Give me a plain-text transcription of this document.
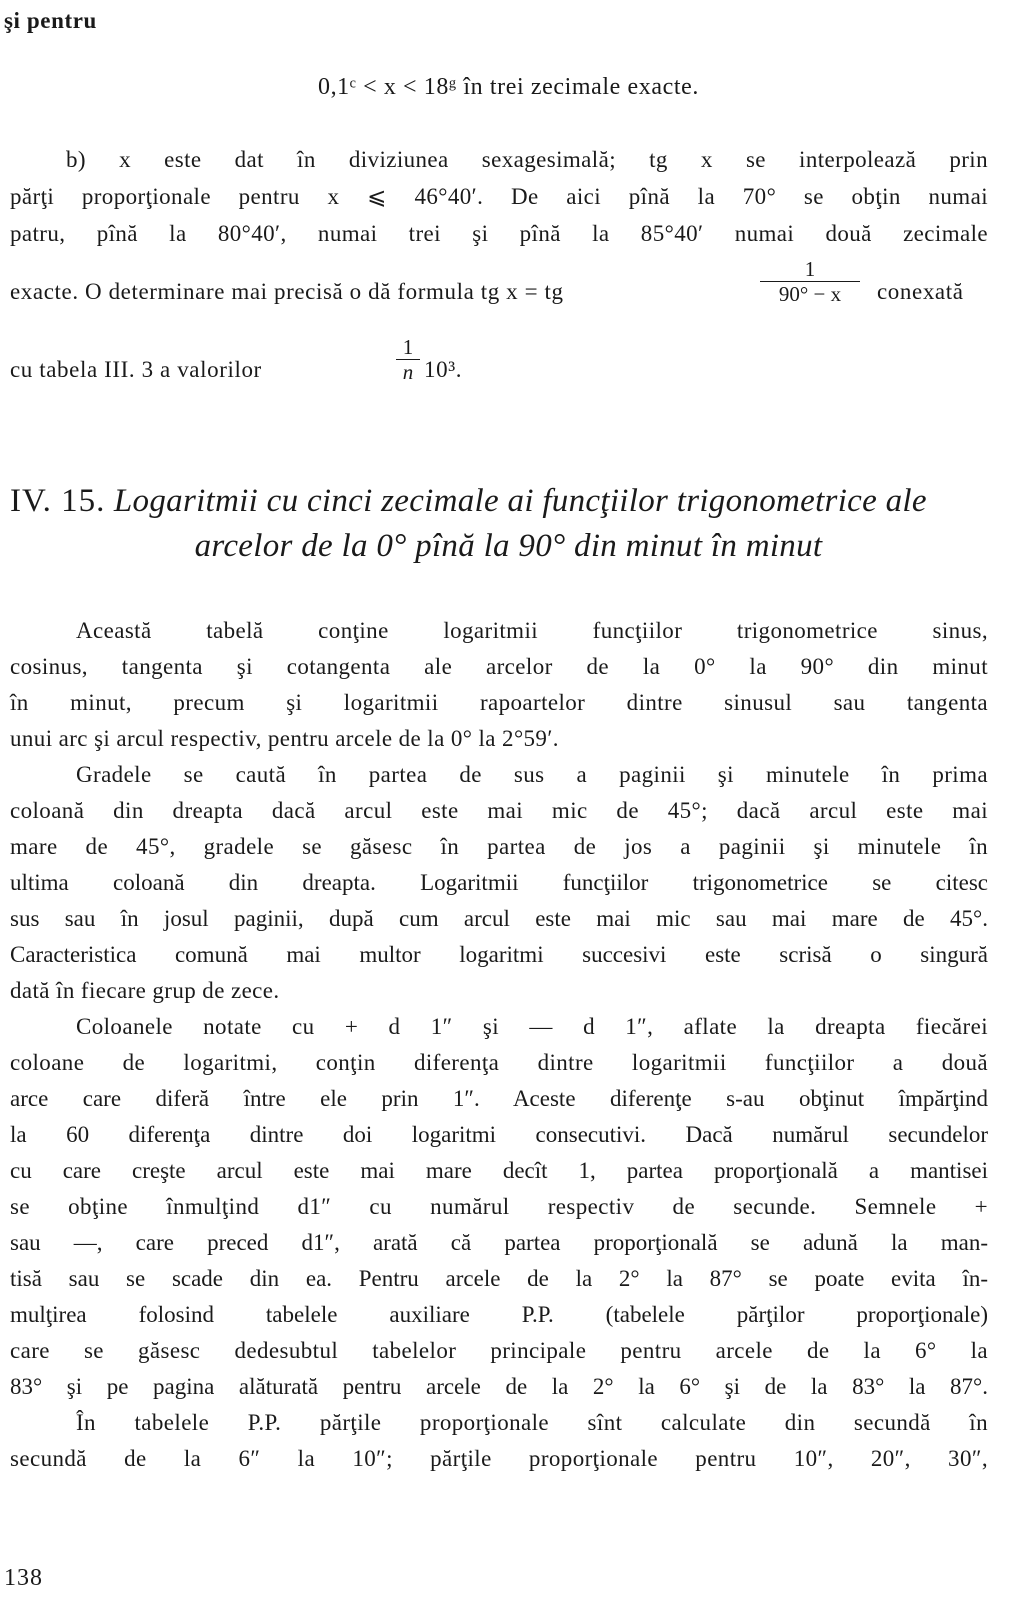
şi pentru
0,1ᶜ < x < 18ᵍ în trei zecimale exacte.
b) x este dat în diviziunea sexagesimală; tg x se interpolează prin
părţi proporţionale pentru x ⩽ 46°40′. De aici pînă la 70° se obţin numai
patru, pînă la 80°40′, numai trei şi pînă la 85°40′ numai două zecimale
exacte. O determinare mai precisă o dă formula tg x = tg
1
90° − x	conexată
cu tabela III. 3 a valorilor
1
n 10³.
IV. 15. Logaritmii cu cinci zecimale ai funcţiilor trigonometrice ale
arcelor de la 0° pînă la 90° din minut în minut
Această tabelă conţine logaritmii funcţiilor trigonometrice sinus,
cosinus, tangenta şi cotangenta ale arcelor de la 0° la 90° din minut
în minut, precum şi logaritmii rapoartelor dintre sinusul sau tangenta
unui arc şi arcul respectiv, pentru arcele de la 0° la 2°59′.
Gradele se caută în partea de sus a paginii şi minutele în prima
coloană din dreapta dacă arcul este mai mic de 45°; dacă arcul este mai
mare de 45°, gradele se găsesc în partea de jos a paginii şi minutele în
ultima coloană din dreapta. Logaritmii funcţiilor trigonometrice se citesc
sus sau în josul paginii, după cum arcul este mai mic sau mai mare de 45°.
Caracteristica comună mai multor logaritmi succesivi este scrisă o singură
dată în fiecare grup de zece.
Coloanele notate cu + d 1″ şi — d 1″, aflate la dreapta fiecărei
coloane de logaritmi, conţin diferenţa dintre logaritmii funcţiilor a două
arce care diferă între ele prin 1″. Aceste diferenţe s-au obţinut împărţind
la 60 diferenţa dintre doi logaritmi consecutivi. Dacă numărul secundelor
cu care creşte arcul este mai mare decît 1, partea proporţională a mantisei
se obţine înmulţind d1″ cu numărul respectiv de secunde. Semnele +
sau —, care preced d1″, arată că partea proporţională se adună la man-
tisă sau se scade din ea. Pentru arcele de la 2° la 87° se poate evita în-
mulţirea folosind tabelele auxiliare P.P. (tabelele părţilor proporţionale)
care se găsesc dedesubtul tabelelor principale pentru arcele de la 6° la
83° şi pe pagina alăturată pentru arcele de la 2° la 6° şi de la 83° la 87°.
În tabelele P.P. părţile proporţionale sînt calculate din secundă în
secundă de la 6″ la 10″; părţile proporţionale pentru 10″, 20″, 30″,
138
